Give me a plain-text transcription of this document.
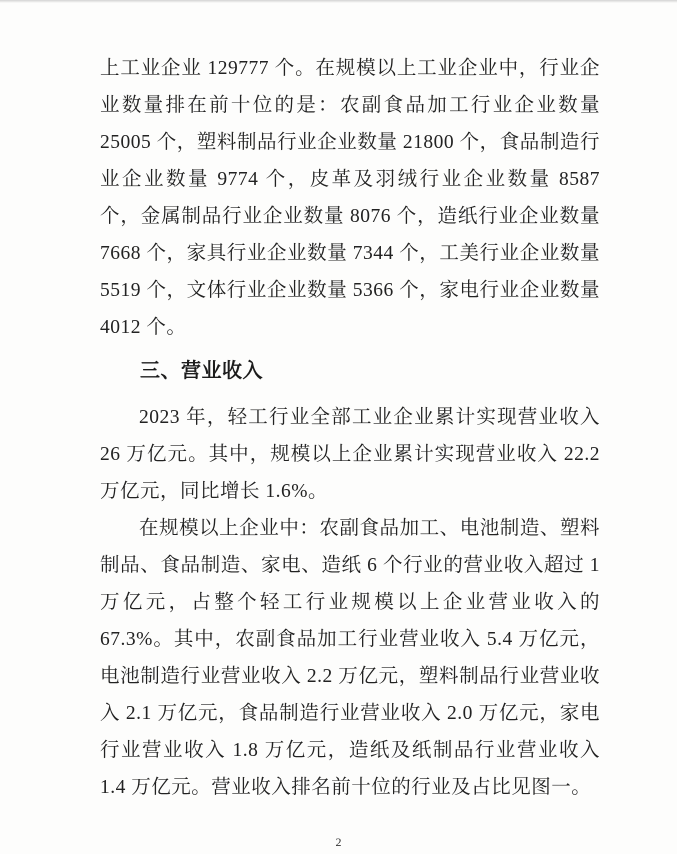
上工业企业 129777 个。在规模以上工业企业中，行业企业数量排在前十位的是：农副食品加工行业企业数量 25005 个，塑料制品行业企业数量 21800 个，食品制造行业企业数量 9774 个，皮革及羽绒行业企业数量 8587 个，金属制品行业企业数量 8076 个，造纸行业企业数量 7668 个，家具行业企业数量 7344 个，工美行业企业数量 5519 个，文体行业企业数量 5366 个，家电行业企业数量 4012 个。

三、营业收入

2023 年，轻工行业全部工业企业累计实现营业收入 26 万亿元。其中，规模以上企业累计实现营业收入 22.2 万亿元，同比增长 1.6%。

在规模以上企业中：农副食品加工、电池制造、塑料制品、食品制造、家电、造纸 6 个行业的营业收入超过 1 万亿元，占整个轻工行业规模以上企业营业收入的 67.3%。其中，农副食品加工行业营业收入 5.4 万亿元，电池制造行业营业收入 2.2 万亿元，塑料制品行业营业收入 2.1 万亿元，食品制造行业营业收入 2.0 万亿元，家电行业营业收入 1.8 万亿元，造纸及纸制品行业营业收入 1.4 万亿元。营业收入排名前十位的行业及占比见图一。

2
